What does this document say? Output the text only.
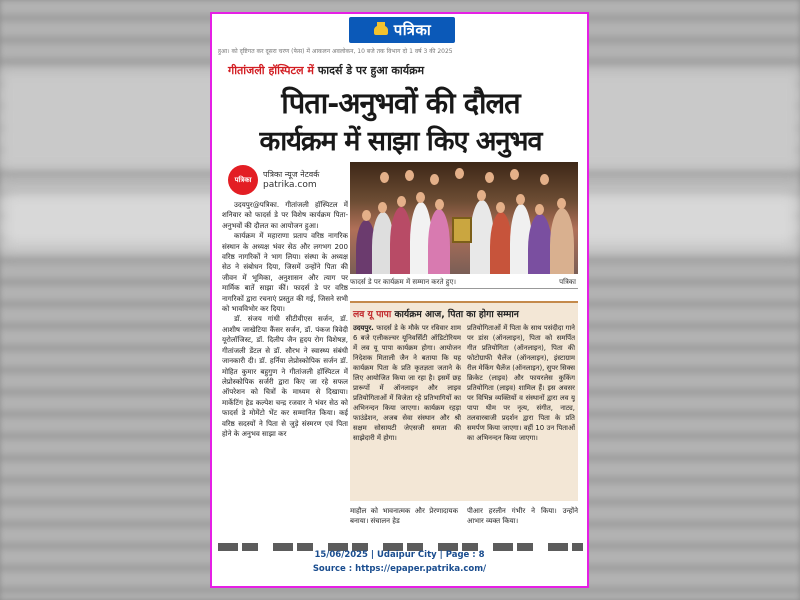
पत्रिका
हुआ। को दृष्टिगत कर दूसरा चरण (फेस) में आकलन अवलोकन, 10 बजे तक विभाग दो 1 वर्ष 3 की 2025
गीतांजली हॉस्पिटल में फादर्स डे पर हुआ कार्यक्रम
पिता-अनुभवों की दौलत
कार्यक्रम में साझा किए अनुभव
पत्रिका
पत्रिका न्यूज नेटवर्क
patrika.com
फादर्स डे पर कार्यक्रम में सम्मान करते हुए।	पत्रिका

उदयपुर@पत्रिका. गीतांजली हॉस्पिटल में शनिवार को फादर्स डे पर विशेष कार्यक्रम पिता-अनुभवों की दौलत का आयोजन हुआ।

कार्यक्रम में महाराणा प्रताप वरिष्ठ नागरिक संस्थान के अध्यक्ष भंवर सेठ और लगभग 200 वरिष्ठ नागरिकों ने भाग लिया। संस्था के अध्यक्ष सेठ ने संबोधन दिया, जिसमें उन्होंने पिता की जीवन में भूमिका, अनुशासन और त्याग पर मार्मिक बातें साझा कीं। फादर्स डे पर वरिष्ठ नागरिकों द्वारा रचनाएं प्रस्तुत की गई, जिसने सभी को भावविभोर कर दिया।

डॉ. संजय गांधी सीटीवीएस सर्जन, डॉ. आशीष जाखेटिया कैंसर सर्जन, डॉ. पंकज त्रिवेदी यूरोलॉजिस्ट, डॉ. दिलीप जैन हृदय रोग विशेषज्ञ, गीतांजली डेंटल से डॉ. सौरभ ने स्वास्थ्य संबंधी जानकारी दी। डॉ. हर्निया लेप्रोस्कोपिक सर्जन डॉ. मोहित कुमार बहुगुण ने गीतांजली हॉस्पिटल में लेप्रोस्कोपिक सर्जरी द्वारा किए जा रहे सफल ऑपरेशन को चित्रों के माध्यम से दिखाया। मार्केटिंग हेड कल्पेश चन्द्र रजवार ने भंवर सेठ को फादर्स डे मोमेंटो भेंट कर सम्मानित किया। कई वरिष्ठ सदस्यों ने पिता से जुड़े संस्मरण एवं पिता होने के अनुभव साझा कर

लव यू पापा कार्यक्रम आज, पिता का होगा सम्मान
उदयपुर. फादर्स डे के मौके पर रविवार शाम 6 बजे एलीकल्चर यूनिवर्सिटी ऑडिटोरियम में लव यू पापा कार्यक्रम होगा। आयोजन निदेशक मिताली जैन ने बताया कि यह कार्यक्रम पिता के प्रति कृतज्ञता जताने के लिए आयोजित किया जा रहा है। इसमें छह प्रारूपों में ऑनलाइन और लाइव प्रतियोगिताओं में विजेता रहे प्रतिभागियों का अभिनन्दन किया जाएगा। कार्यक्रम रहड़ा फाउंडेशन, अजब सेवा संस्थान और श्री सक्षम सोसायटी जेएसजी समता की साझेदारी में होगा।
प्रतियोगिताओं में पिता के साथ पसंदीदा गाने पर डांस (ऑनलाइन), पिता को समर्पित गीत प्रतियोगिता (ऑनलाइन), पिता की फोटोग्राफी चैलेंज (ऑनलाइन), इंस्टाग्राम रील मेकिंग चैलेंज (ऑनलाइन), सुपर सिक्स क्रिकेट (लाइव) और फायरलेस कुकिंग प्रतियोगिता (लाइव) शामिल हैं। इस अवसर पर विभिन्न व्यक्तियों व संस्थानों द्वारा लव यू पापा थीम पर नृत्य, संगीत, नाट्य, तलवारबाजी प्रदर्शन द्वारा पिता के प्रति समर्पण किया जाएगा। वहीं 10 उन पिताओं का अभिनन्दन किया जाएगा।
माहौल को भावनात्मक और प्रेरणादायक बनाया। संचालन हेड
पीआर हरलीन गंभीर ने किया। उन्होंने आभार व्यक्त किया।
15/06/2025 | Udaipur City | Page : 8
Source : https://epaper.patrika.com/
